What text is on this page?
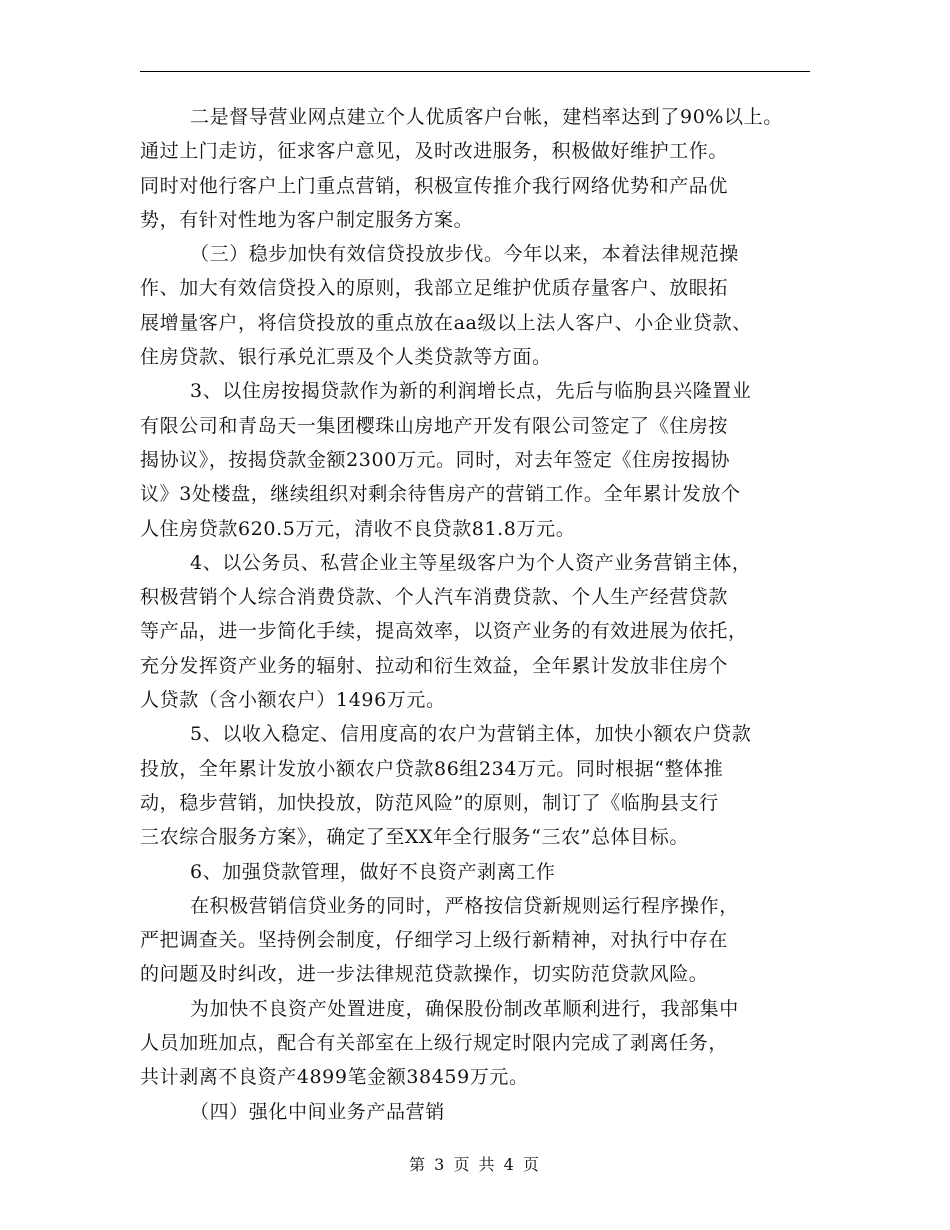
二是督导营业网点建立个人优质客户台帐，建档率达到了90%以上。
通过上门走访，征求客户意见，及时改进服务，积极做好维护工作。
同时对他行客户上门重点营销，积极宣传推介我行网络优势和产品优
势，有针对性地为客户制定服务方案。
（三）稳步加快有效信贷投放步伐。今年以来，本着法律规范操
作、加大有效信贷投入的原则，我部立足维护优质存量客户、放眼拓
展增量客户，将信贷投放的重点放在aa级以上法人客户、小企业贷款、
住房贷款、银行承兑汇票及个人类贷款等方面。
3、以住房按揭贷款作为新的利润增长点，先后与临朐县兴隆置业
有限公司和青岛天一集团樱珠山房地产开发有限公司签定了《住房按
揭协议》，按揭贷款金额2300万元。同时，对去年签定《住房按揭协
议》3处楼盘，继续组织对剩余待售房产的营销工作。全年累计发放个
人住房贷款620.5万元，清收不良贷款81.8万元。
4、以公务员、私营企业主等星级客户为个人资产业务营销主体，
积极营销个人综合消费贷款、个人汽车消费贷款、个人生产经营贷款
等产品，进一步简化手续，提高效率，以资产业务的有效进展为依托，
充分发挥资产业务的辐射、拉动和衍生效益，全年累计发放非住房个
人贷款（含小额农户）1496万元。
5、以收入稳定、信用度高的农户为营销主体，加快小额农户贷款
投放，全年累计发放小额农户贷款86组234万元。同时根据“整体推
动，稳步营销，加快投放，防范风险”的原则，制订了《临朐县支行
三农综合服务方案》，确定了至XX年全行服务“三农”总体目标。
6、加强贷款管理，做好不良资产剥离工作
在积极营销信贷业务的同时，严格按信贷新规则运行程序操作，
严把调查关。坚持例会制度，仔细学习上级行新精神，对执行中存在
的问题及时纠改，进一步法律规范贷款操作，切实防范贷款风险。
为加快不良资产处置进度，确保股份制改革顺利进行，我部集中
人员加班加点，配合有关部室在上级行规定时限内完成了剥离任务，
共计剥离不良资产4899笔金额38459万元。
（四）强化中间业务产品营销
第 3 页 共 4 页
